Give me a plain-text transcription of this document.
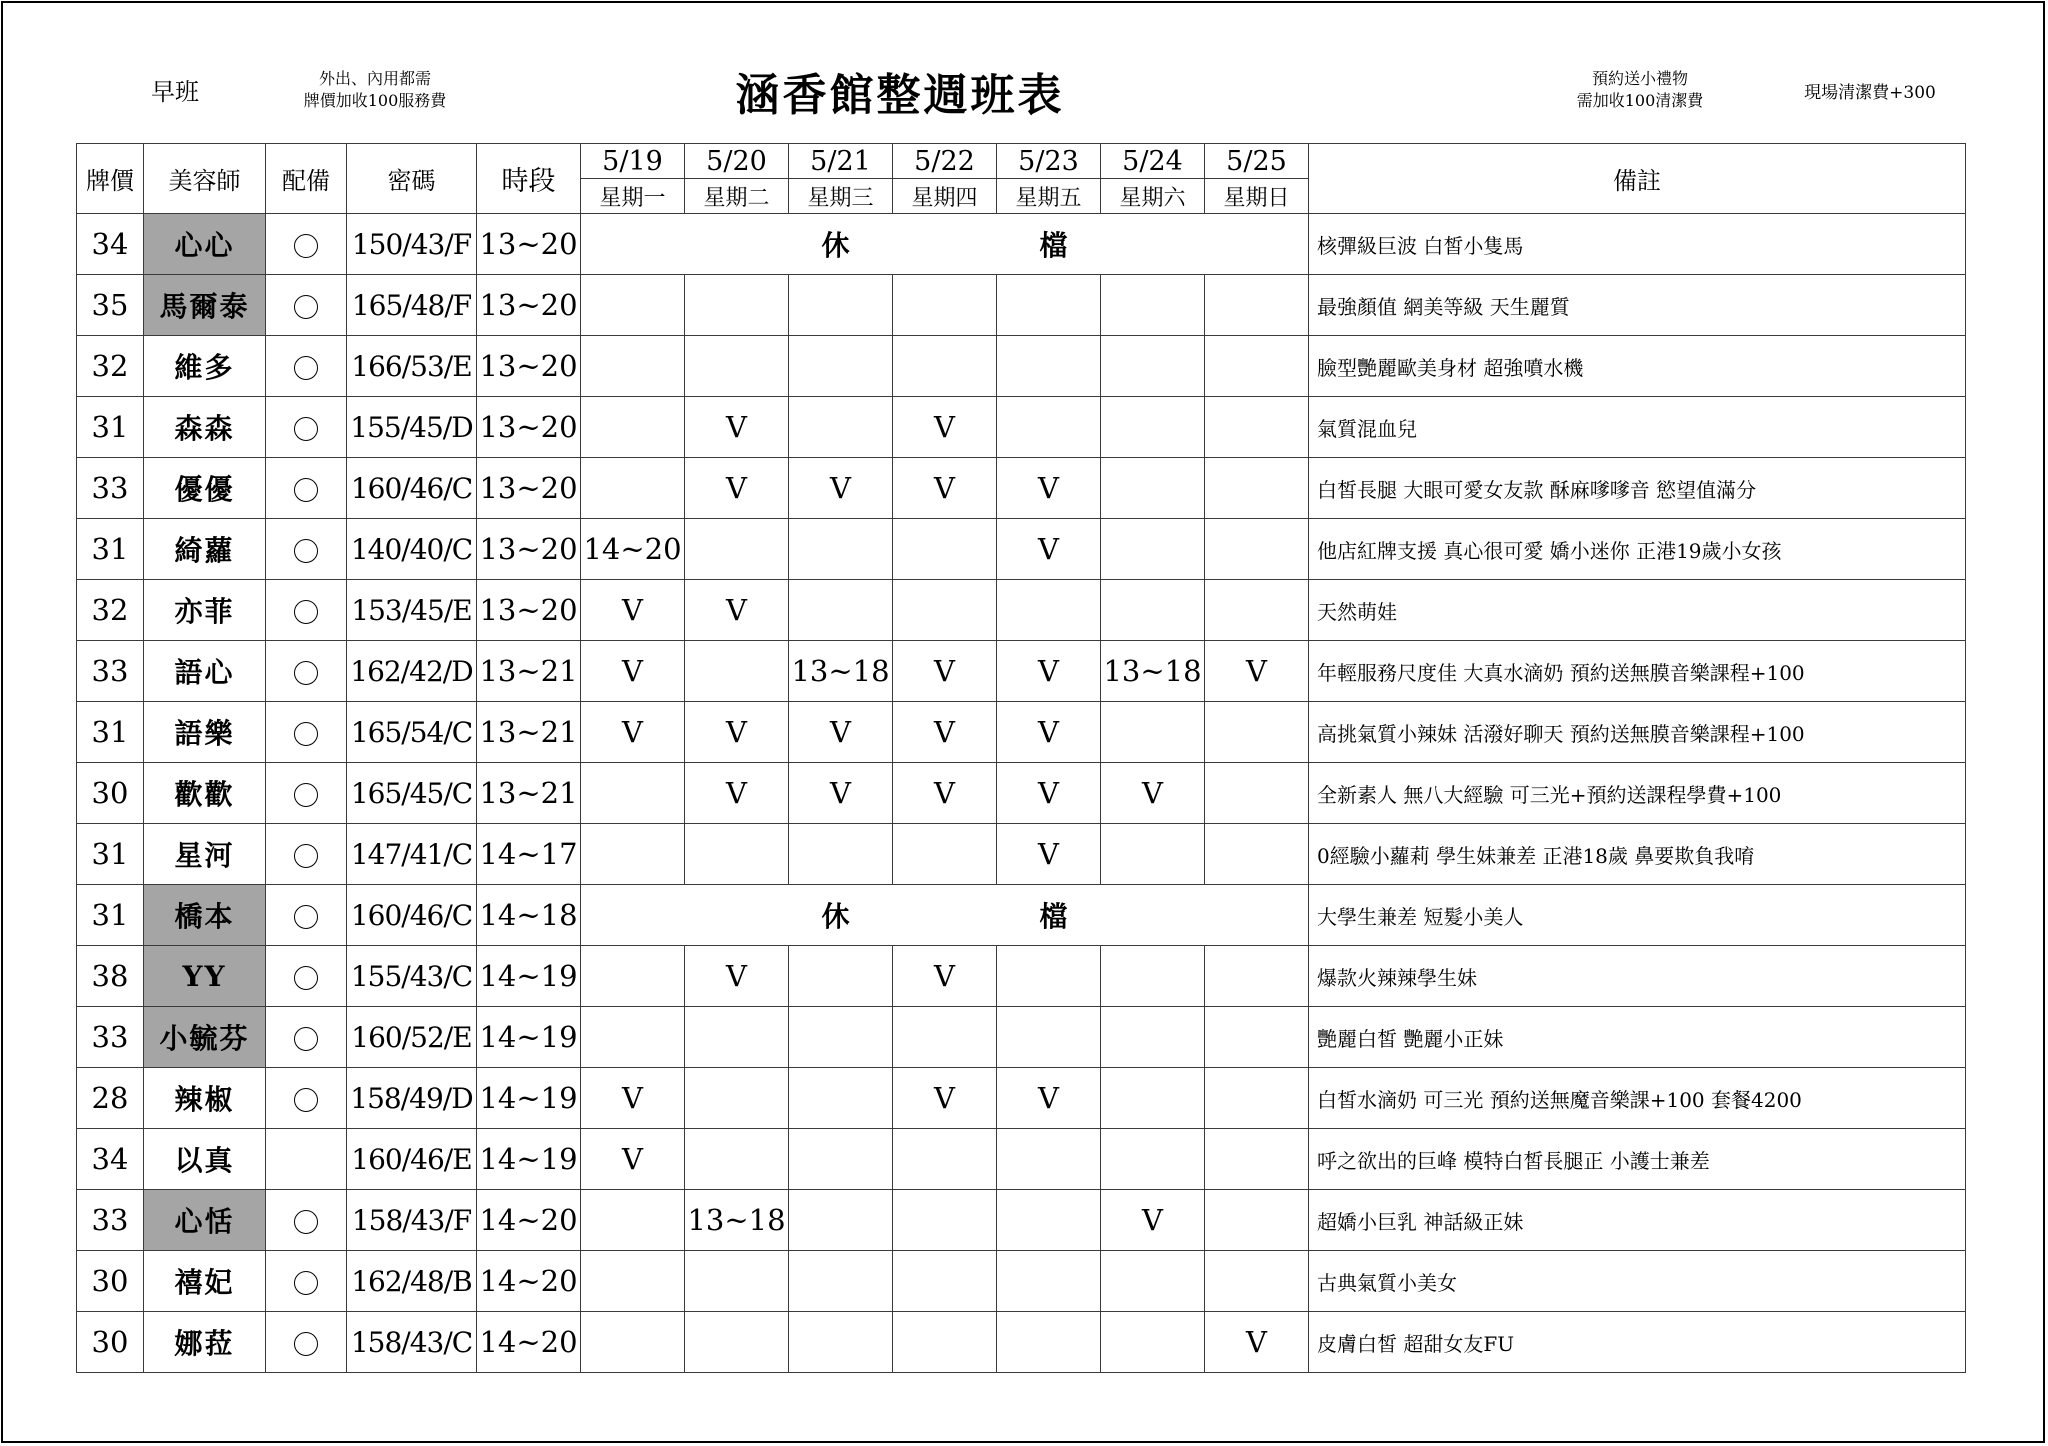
早班	外出、內用都需
牌價加收100服務費	涵香館整週班表	預約送小禮物
需加收100清潔費	現場清潔費+300
牌價	美容師	配備	密碼	時段	5/19	5/20	5/21	5/22	5/23	5/24	5/25	備註
					星期一	星期二	星期三	星期四	星期五	星期六	星期日	
34	心心		150/43/F	13~20	休 檔							核彈級巨波 白皙小隻馬
35	馬爾泰		165/48/F	13~20								最強顏值 網美等級 天生麗質
32	維多		166/53/E	13~20								臉型艷麗歐美身材 超強噴水機
31	森森		155/45/D	13~20		V		V				氣質混血兒
33	優優		160/46/C	13~20		V	V	V	V			白皙長腿 大眼可愛女友款 酥麻嗲嗲音 慾望值滿分
31	綺蘿		140/40/C	13~20	14~20				V			他店紅牌支援 真心很可愛 嬌小迷你 正港19歲小女孩
32	亦菲		153/45/E	13~20	V	V						天然萌娃
33	語心		162/42/D	13~21	V		13~18	V	V	13~18	V	年輕服務尺度佳 大真水滴奶 預約送無膜音樂課程+100
31	語樂		165/54/C	13~21	V	V	V	V	V			高挑氣質小辣妹 活潑好聊天 預約送無膜音樂課程+100
30	歡歡		165/45/C	13~21		V	V	V	V	V		全新素人 無八大經驗 可三光+預約送課程學費+100
31	星河		147/41/C	14~17					V			0經驗小蘿莉 學生妹兼差 正港18歲 鼻要欺負我唷
31	橋本		160/46/C	14~18	休 檔							大學生兼差 短髮小美人
38	YY		155/43/C	14~19		V		V				爆款火辣辣學生妹
33	小毓芬		160/52/E	14~19								艷麗白皙 艷麗小正妹
28	辣椒		158/49/D	14~19	V			V	V			白皙水滴奶 可三光 預約送無魔音樂課+100 套餐4200
34	以真		160/46/E	14~19	V							呼之欲出的巨峰 模特白皙長腿正 小護士兼差
33	心恬		158/43/F	14~20		13~18				V		超嬌小巨乳 神話級正妹
30	禧妃		162/48/B	14~20								古典氣質小美女
30	娜菈		158/43/C	14~20							V	皮膚白皙 超甜女友FU
